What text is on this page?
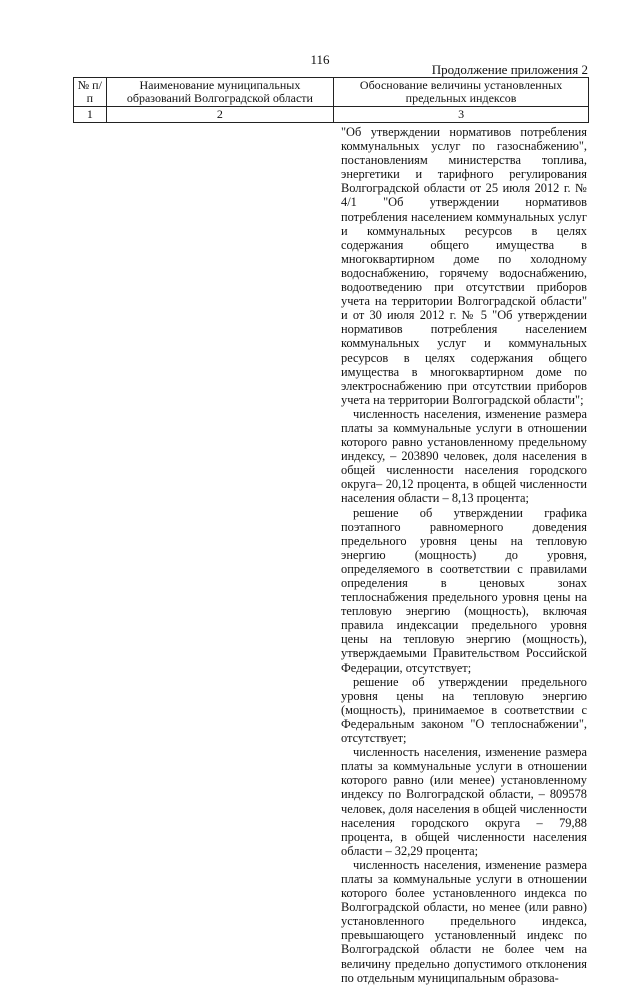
116
Продолжение приложения 2
№ п/п	Наименование муниципальных образований Волгоградской области	Обоснование величины установленных предельных индексов
1	2	3

"Об утверждении нормативов потребления коммунальных услуг по газоснабжению", постановлениям министерства топлива, энергетики и тарифного регулирования Волгоградской области от 25 июля 2012 г. № 4/1 "Об утверждении нормативов потребления населением коммунальных услуг и коммунальных ресурсов в целях содержания общего имущества в многоквартирном доме по холодному водоснабжению, горячему водоснабжению, водоотведению при отсутствии приборов учета на территории Волгоградской области" и от 30 июля 2012 г. № 5 "Об утверждении нормативов потребления населением коммунальных услуг и коммунальных ресурсов в целях содержания общего имущества в многоквартирном доме по электроснабжению при отсутствии приборов учета на территории Волгоградской области";

численность населения, изменение размера платы за коммунальные услуги в отношении которого равно установленному предельному индексу, – 203890 человек, доля населения в общей численности населения городского округа– 20,12 процента, в общей численности населения области – 8,13 процента;

решение об утверждении графика поэтапного равномерного доведения предельного уровня цены на тепловую энергию (мощность) до уровня, определяемого в соответствии с правилами определения в ценовых зонах теплоснабжения предельного уровня цены на тепловую энергию (мощность), включая правила индексации предельного уровня цены на тепловую энергию (мощность), утверждаемыми Правительством Российской Федерации, отсутствует;

решение об утверждении предельного уровня цены на тепловую энергию (мощность), принимаемое в соответствии с Федеральным законом "О теплоснабжении", отсутствует;

численность населения, изменение размера платы за коммунальные услуги в отношении которого равно (или менее) установленному индексу по Волгоградской области, – 809578 человек, доля населения в общей численности населения городского округа – 79,88 процента, в общей численности населения области – 32,29 процента;

численность населения, изменение размера платы за коммунальные услуги в отношении которого более установленного индекса по Волгоградской области, но менее (или равно) установленного предельного индекса, превышающего установленный индекс по Волгоградской области не более чем на величину предельно допустимого отклонения по отдельным муниципальным образова-
